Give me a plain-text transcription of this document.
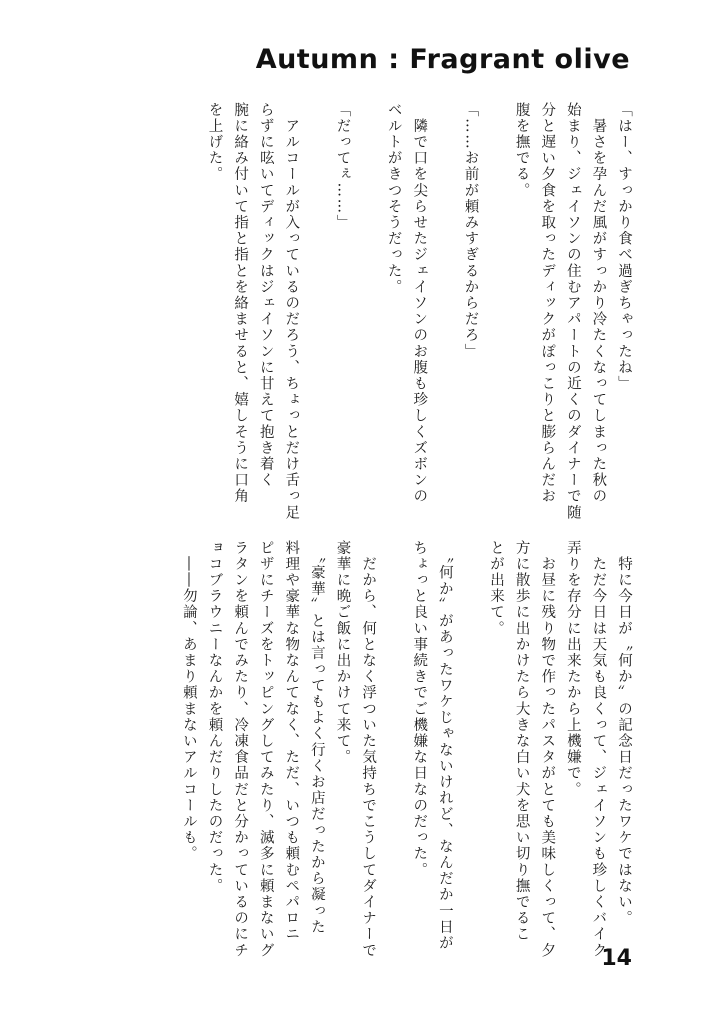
Autumn : Fragrant olive
「はー、すっかり食べ過ぎちゃったね」
　暑さを孕んだ風がすっかり冷たくなってしまった秋の
始まり、ジェイソンの住むアパートの近くのダイナーで随
分と遅い夕食を取ったディックがぽっこりと膨らんだお
腹を撫でる。

「……お前が頼みすぎるからだろ」

　隣で口を尖らせたジェイソンのお腹も珍しくズボンの
ベルトがきつそうだった。

「だってぇ……」

　アルコールが入っているのだろう、ちょっとだけ舌っ足
らずに呟いてディックはジェイソンに甘えて抱き着く
腕に絡み付いて指と指とを絡ませると、嬉しそうに口角
を上げた。
　特に今日が〝何か〟の記念日だったワケではない。
　ただ今日は天気も良くって、ジェイソンも珍しくバイク
弄りを存分に出来たから上機嫌で。
　お昼に残り物で作ったパスタがとても美味しくって、夕
方に散歩に出かけたら大きな白い犬を思い切り撫でるこ
とが出来て。

　〝何か〟があったワケじゃないけれど、なんだか一日が
ちょっと良い事続きでご機嫌な日なのだった。

　だから、何となく浮ついた気持ちでこうしてダイナーで
豪華に晩ご飯に出かけて来て。
　〝豪華〟とは言ってもよく行くお店だったから凝った
料理や豪華な物なんてなく、ただ、いつも頼むペパロニ
ピザにチーズをトッピングしてみたり、滅多に頼まないグ
ラタンを頼んでみたり、冷凍食品だと分かっているのにチ
ョコブラウニーなんかを頼んだりしたのだった。
　――勿論、あまり頼まないアルコールも。
14
